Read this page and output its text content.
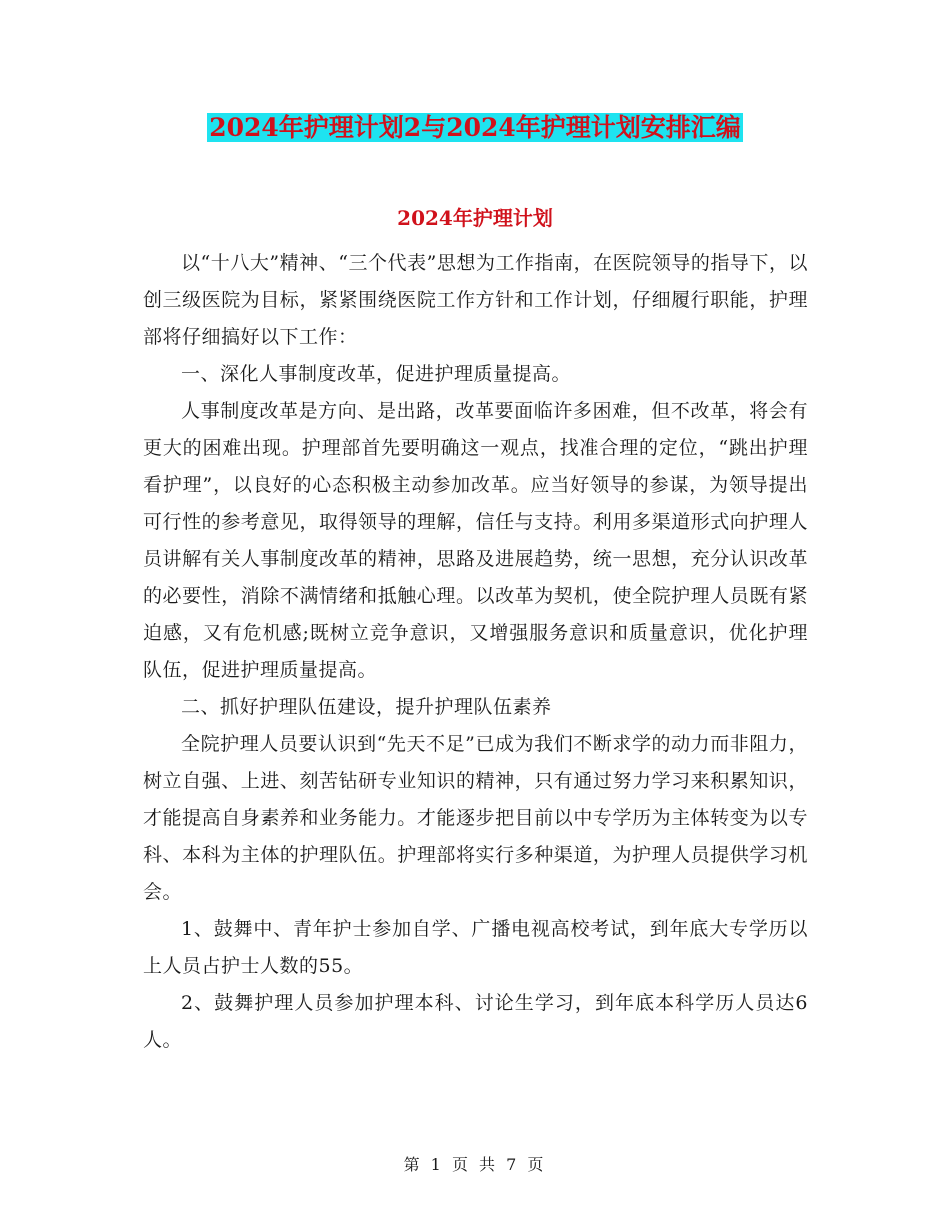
2024年护理计划2与2024年护理计划安排汇编
2024年护理计划

以“十八大”精神、“三个代表”思想为工作指南，在医院领导的指导下，以创三级医院为目标，紧紧围绕医院工作方针和工作计划，仔细履行职能，护理部将仔细搞好以下工作：

一、深化人事制度改革，促进护理质量提高。

人事制度改革是方向、是出路，改革要面临许多困难，但不改革，将会有更大的困难出现。护理部首先要明确这一观点，找准合理的定位，“跳出护理看护理”，以良好的心态积极主动参加改革。应当好领导的参谋，为领导提出可行性的参考意见，取得领导的理解，信任与支持。利用多渠道形式向护理人员讲解有关人事制度改革的精神，思路及进展趋势，统一思想，充分认识改革的必要性，消除不满情绪和抵触心理。以改革为契机，使全院护理人员既有紧迫感，又有危机感;既树立竞争意识，又增强服务意识和质量意识，优化护理队伍，促进护理质量提高。

二、抓好护理队伍建设，提升护理队伍素养

全院护理人员要认识到“先天不足”已成为我们不断求学的动力而非阻力，树立自强、上进、刻苦钻研专业知识的精神，只有通过努力学习来积累知识，才能提高自身素养和业务能力。才能逐步把目前以中专学历为主体转变为以专科、本科为主体的护理队伍。护理部将实行多种渠道，为护理人员提供学习机会。

1、鼓舞中、青年护士参加自学、广播电视高校考试，到年底大专学历以上人员占护士人数的55。

2、鼓舞护理人员参加护理本科、讨论生学习，到年底本科学历人员达6人。

第 1 页 共 7 页
